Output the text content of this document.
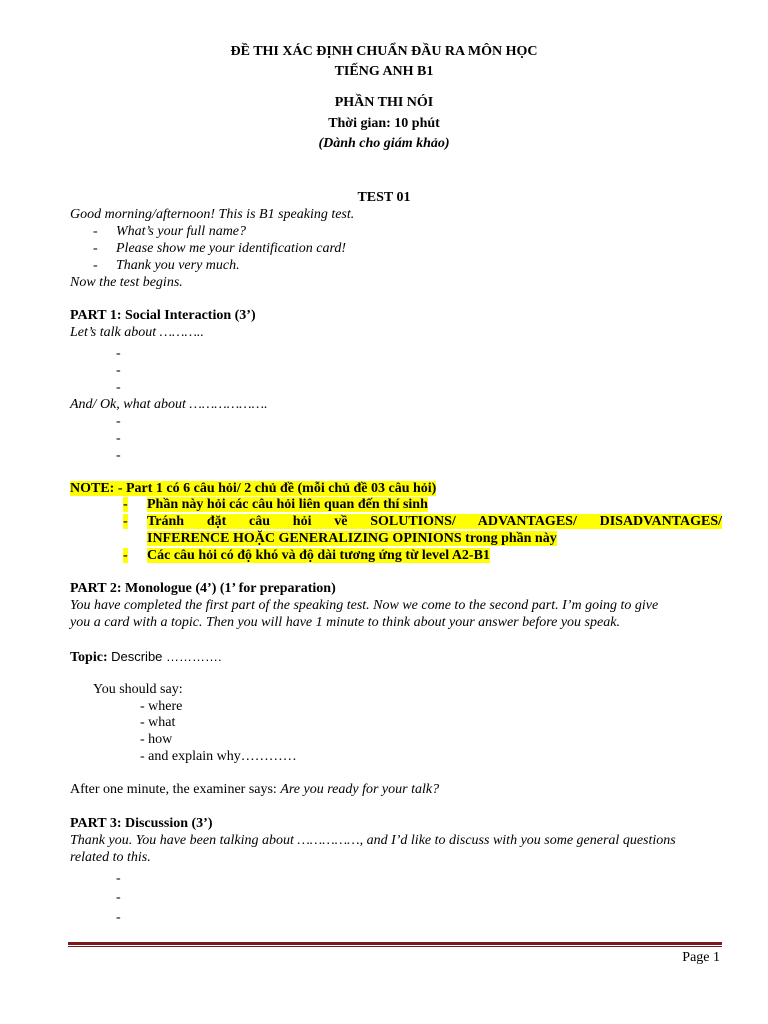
ĐỀ THI XÁC ĐỊNH CHUẨN ĐẦU RA MÔN HỌC
TIẾNG ANH B1
PHẦN THI NÓI
Thời gian: 10 phút
(Dành cho giám khảo)
TEST 01
Good morning/afternoon! This is B1 speaking test.
- What’s your full name?
- Please show me your identification card!
- Thank you very much.
Now the test begins.
PART 1: Social Interaction (3’)
Let’s talk about ………..
-
-
-
And/ Ok, what about ……………….
-
-
-
NOTE: - Part 1 có 6 câu hỏi/ 2 chủ đề (mỗi chủ đề 03 câu hỏi)
- Phần này hỏi các câu hỏi liên quan đến thí sinh
- Tránh đặt câu hỏi về SOLUTIONS/ ADVANTAGES/ DISADVANTAGES/
INFERENCE HOẶC GENERALIZING OPINIONS trong phần này
- Các câu hỏi có độ khó và độ dài tương ứng từ level A2-B1
PART 2: Monologue (4’) (1’ for preparation)
You have completed the first part of the speaking test. Now we come to the second part. I’m going to give
you a card with a topic. Then you will have 1 minute to think about your answer before you speak.
Topic: Describe ………….
You should say:
- where
- what
- how
- and explain why…………
After one minute, the examiner says: Are you ready for your talk?
PART 3: Discussion (3’)
Thank you. You have been talking about ……………, and I’d like to discuss with you some general questions
related to this.
-
-
-
Page 1
